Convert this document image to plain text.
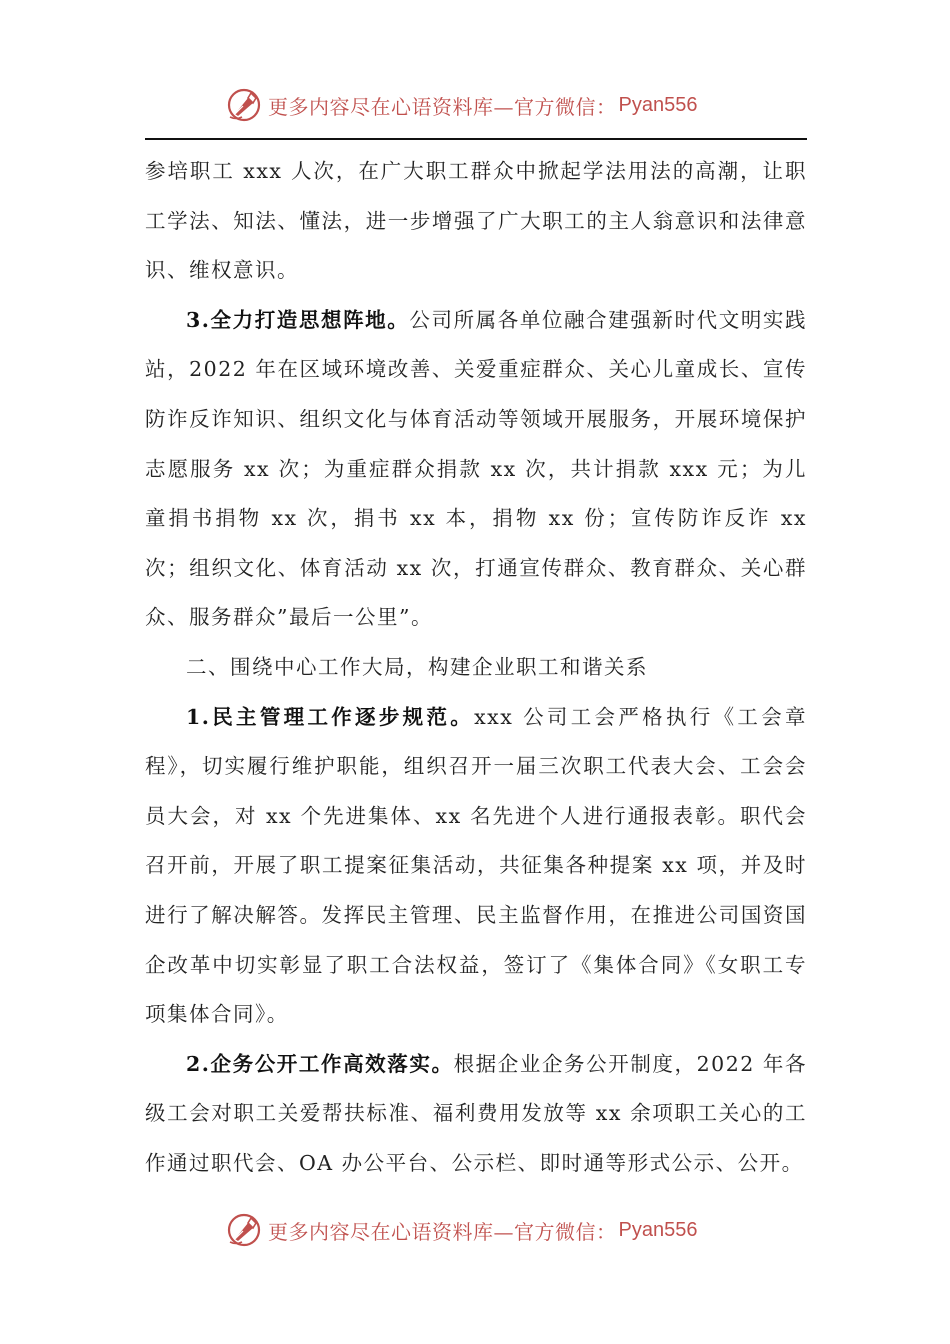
更多内容尽在心语资料库—官方微信： Pyan556

参培职工 xxx 人次，在广大职工群众中掀起学法用法的高潮，让职工学法、知法、懂法，进一步增强了广大职工的主人翁意识和法律意识、维权意识。

3.全力打造思想阵地。公司所属各单位融合建强新时代文明实践站，2022 年在区域环境改善、关爱重症群众、关心儿童成长、宣传防诈反诈知识、组织文化与体育活动等领域开展服务，开展环境保护志愿服务 xx 次；为重症群众捐款 xx 次，共计捐款 xxx 元；为儿童捐书捐物 xx 次，捐书 xx 本，捐物 xx 份；宣传防诈反诈 xx 次；组织文化、体育活动 xx 次，打通宣传群众、教育群众、关心群众、服务群众”最后一公里”。

二、围绕中心工作大局，构建企业职工和谐关系

1.民主管理工作逐步规范。xxx 公司工会严格执行《工会章程》，切实履行维护职能，组织召开一届三次职工代表大会、工会会员大会，对 xx 个先进集体、xx 名先进个人进行通报表彰。职代会召开前，开展了职工提案征集活动，共征集各种提案 xx 项，并及时进行了解决解答。发挥民主管理、民主监督作用，在推进公司国资国企改革中切实彰显了职工合法权益，签订了《集体合同》《女职工专项集体合同》。

2.企务公开工作高效落实。根据企业企务公开制度，2022 年各级工会对职工关爱帮扶标准、福利费用发放等 xx 余项职工关心的工作通过职代会、OA 办公平台、公示栏、即时通等形式公示、公开。

更多内容尽在心语资料库—官方微信： Pyan556
